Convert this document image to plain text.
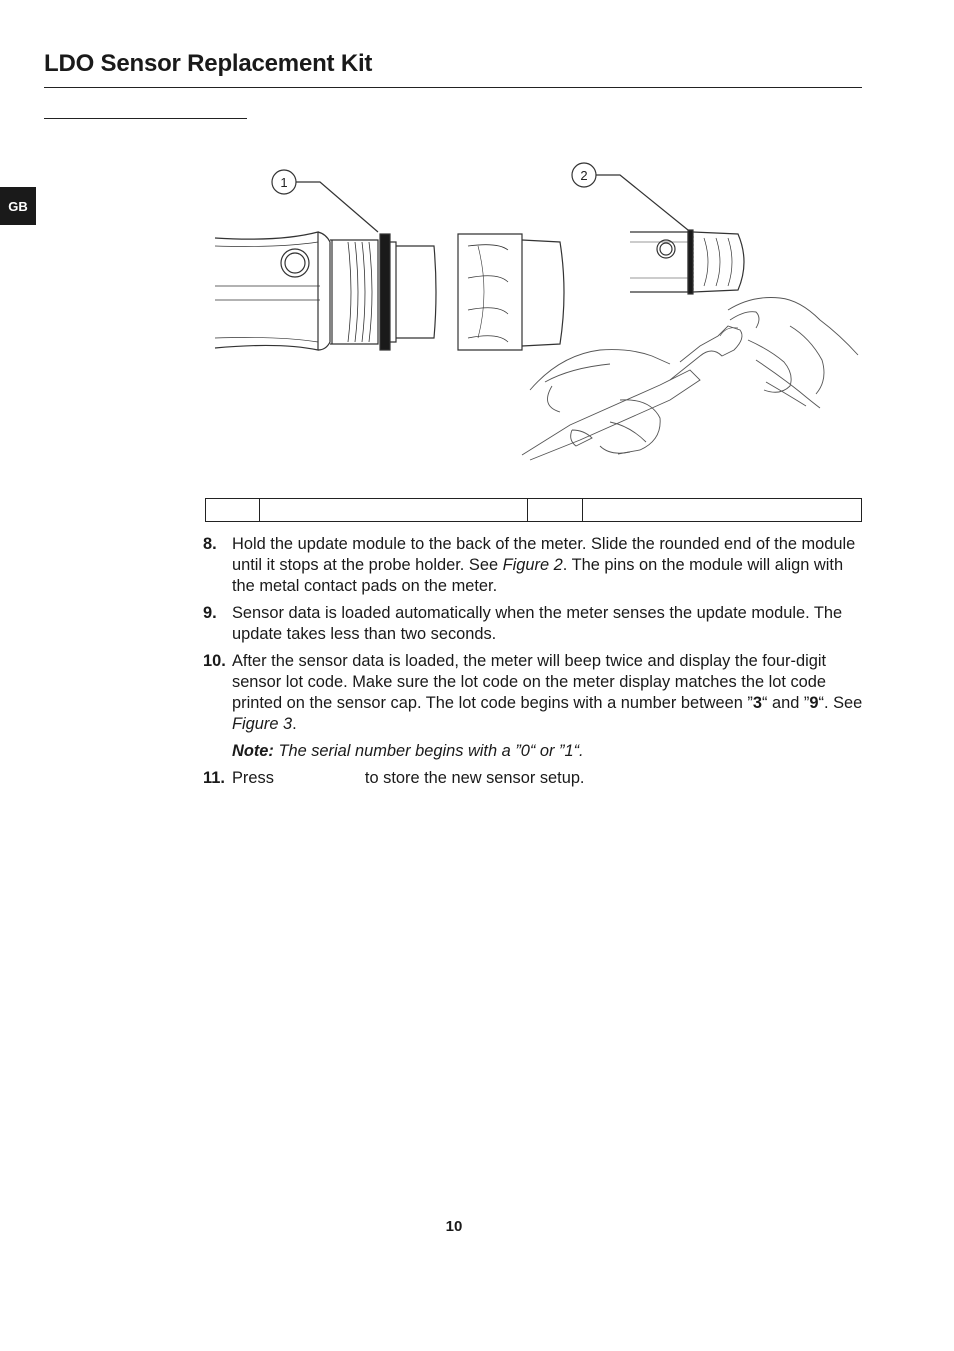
LDO Sensor Replacement Kit
GB
1	2

8. Hold the update module to the back of the meter. Slide the rounded end of the module until it stops at the probe holder. See Figure 2. The pins on the module will align with the metal contact pads on the meter.
9. Sensor data is loaded automatically when the meter senses the update module. The update takes less than two seconds.
10. After the sensor data is loaded, the meter will beep twice and display the four-digit sensor lot code. Make sure the lot code on the meter display matches the lot code printed on the sensor cap. The lot code begins with a number between ”3“ and ”9“. See Figure 3.
Note: The serial number begins with a ”0“ or ”1“.
11. Press	to store the new sensor setup.
10
